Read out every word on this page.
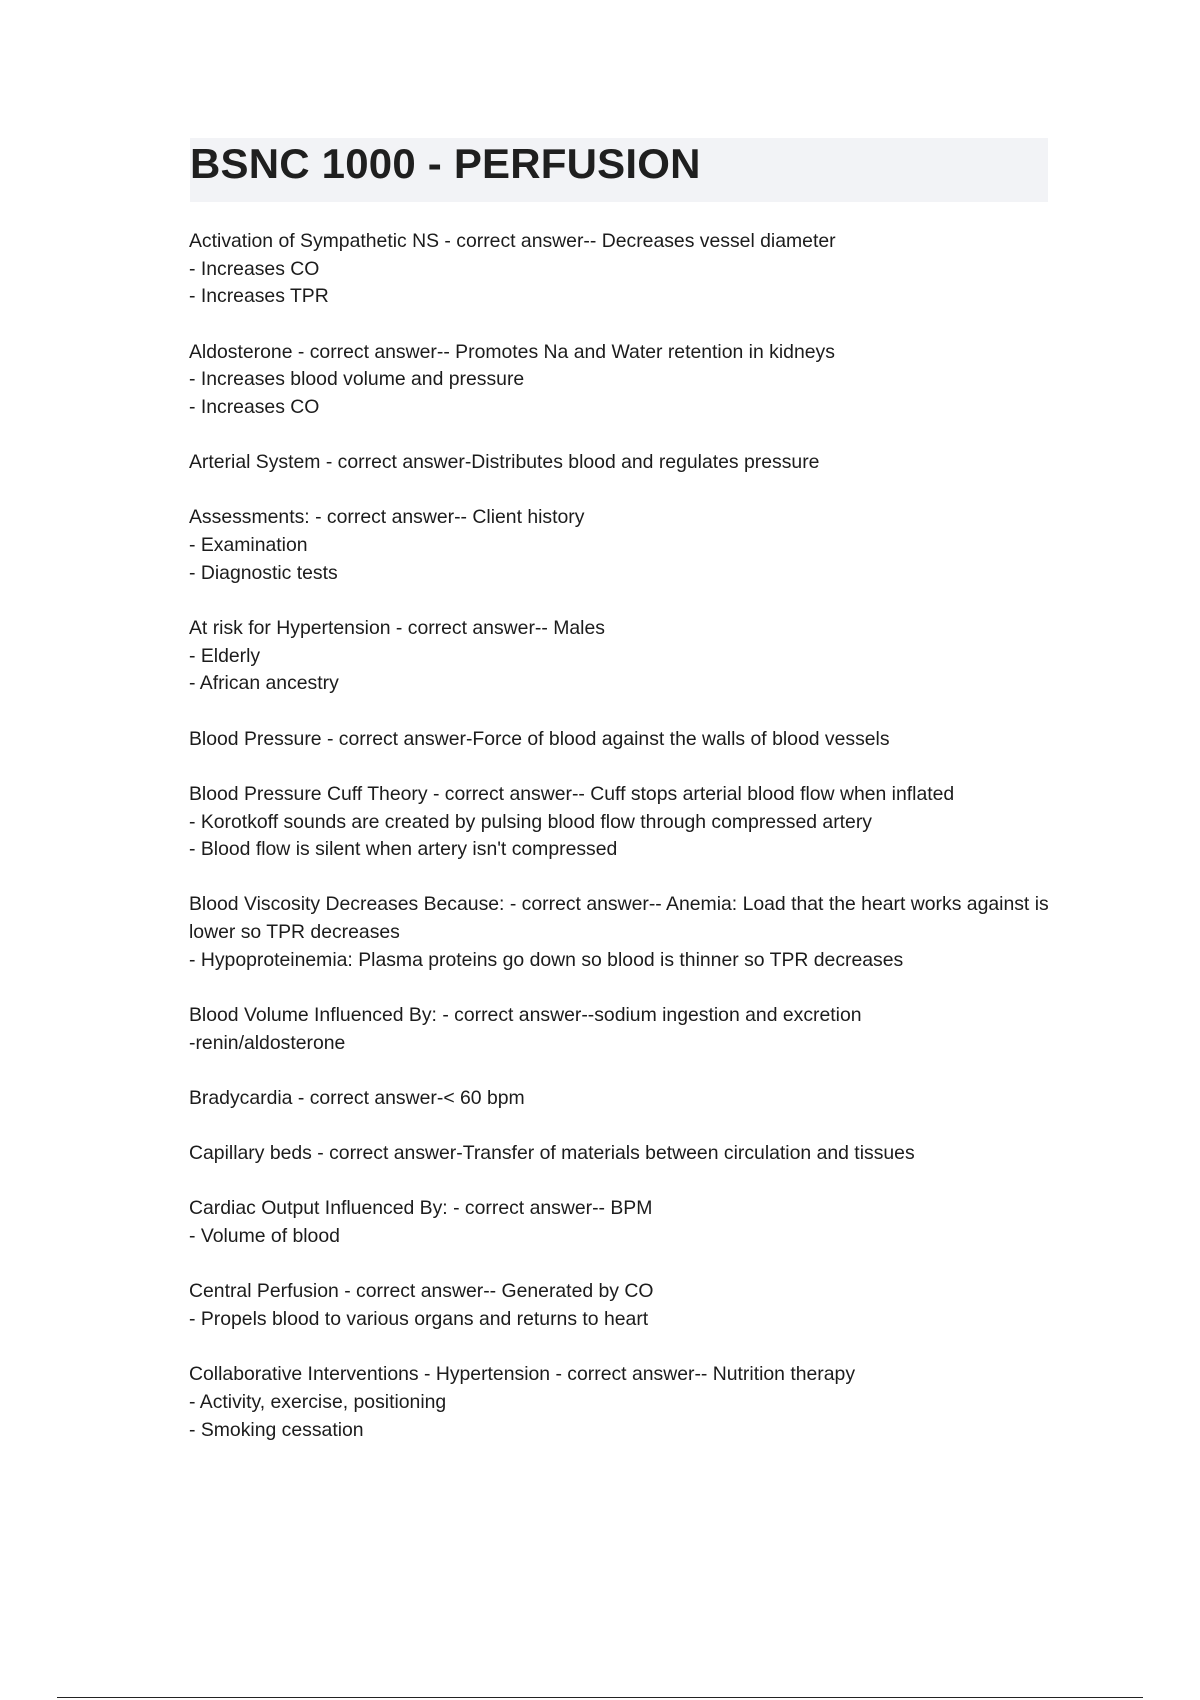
BSNC 1000 - PERFUSION
Activation of Sympathetic NS - correct answer-- Decreases vessel diameter
- Increases CO
- Increases TPR
Aldosterone - correct answer-- Promotes Na and Water retention in kidneys
- Increases blood volume and pressure
- Increases CO
Arterial System - correct answer-Distributes blood and regulates pressure
Assessments: - correct answer-- Client history
- Examination
- Diagnostic tests
At risk for Hypertension - correct answer-- Males
- Elderly
- African ancestry
Blood Pressure - correct answer-Force of blood against the walls of blood vessels
Blood Pressure Cuff Theory - correct answer-- Cuff stops arterial blood flow when inflated
- Korotkoff sounds are created by pulsing blood flow through compressed artery
- Blood flow is silent when artery isn't compressed
Blood Viscosity Decreases Because: - correct answer-- Anemia: Load that the heart works against is lower so TPR decreases
- Hypoproteinemia: Plasma proteins go down so blood is thinner so TPR decreases
Blood Volume Influenced By: - correct answer--sodium ingestion and excretion
-renin/aldosterone
Bradycardia - correct answer-< 60 bpm
Capillary beds - correct answer-Transfer of materials between circulation and tissues
Cardiac Output Influenced By: - correct answer-- BPM
- Volume of blood
Central Perfusion - correct answer-- Generated by CO
- Propels blood to various organs and returns to heart
Collaborative Interventions - Hypertension - correct answer-- Nutrition therapy
- Activity, exercise, positioning
- Smoking cessation
